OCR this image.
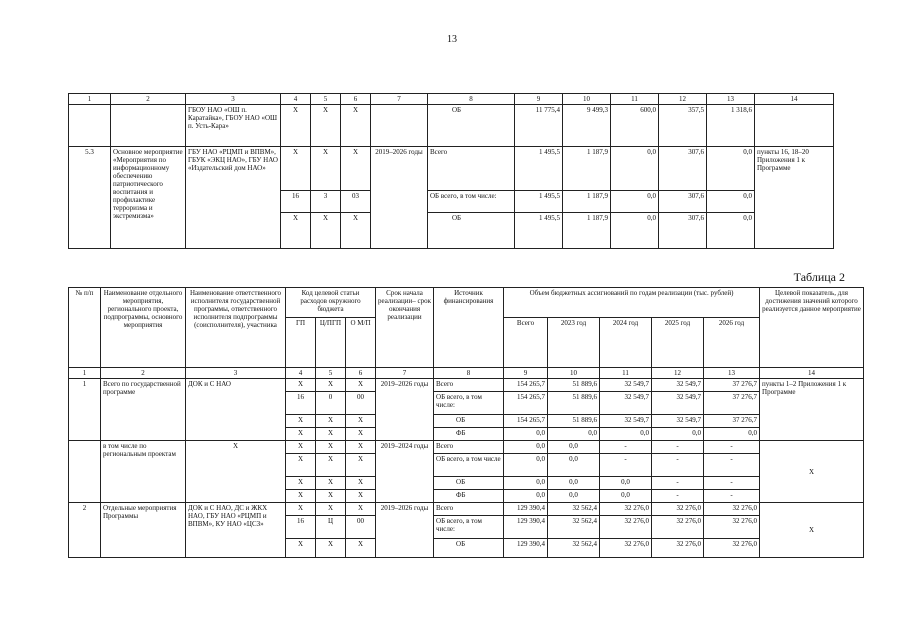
13
1	2	3	4	5	6	7	8	9	10	11	12	13	14
		ГБОУ НАО «ОШ п. Каратайка», ГБОУ НАО «ОШ п. Усть-Кара»	X	X	X		ОБ	11 775,4	9 499,3	600,0	357,5	1 318,6	
5.3	Основное мероприятие «Мероприятия по информационному обеспечению патриотического воспитания и профилактике терроризма и экстремизма»	ГБУ НАО «РЦМП и ВПВМ», ГБУК «ЭКЦ НАО», ГБУ НАО «Издательский дом НАО»	X	X	X	2019–2026 годы	Всего	1 495,5	1 187,9	0,0	307,6	0,0	пункты 16, 18–20 Приложения 1 к Программе
			16	3	03		ОБ всего, в том числе:	1 495,5	1 187,9	0,0	307,6	0,0	
			X	X	X		ОБ	1 495,5	1 187,9	0,0	307,6	0,0	
Таблица 2
№ п/п	Наименование отдельного мероприятия, регионального проекта, подпрограммы, основного мероприятия	Наименование ответственного исполнителя государственной программы, ответственного исполнителя подпрограммы (соисполнителя), участника	Код целевой статьи расходов окружного бюджета			Срок начала реализации– срок окончания реализации	Источник финансирования	Объем бюджетных ассигнований по годам реализации (тыс. рублей)					Целевой показатель, для достижения значений которого реализуется данное мероприятие
			ГП	Ц/ПГП	О М/П			Всего	2023 год	2024 год	2025 год	2026 год	
1	2	3	4	5	6	7	8	9	10	11	12	13	14
1	Всего по государственной программе	ДОК и С НАО	X	X	X	2019–2026 годы	Всего	154 265,7	51 889,6	32 549,7	32 549,7	37 276,7	пункты 1–2 Приложения 1 к Программе
			16	0	00		ОБ всего, в том числе:	154 265,7	51 889,6	32 549,7	32 549,7	37 276,7	
			X	X	X		ОБ	154 265,7	51 889,6	32 549,7	32 549,7	37 276,7	
			X	X	X		ФБ	0,0	0,0	0,0	0,0	0,0	
	в том числе по региональным проектам	X	X	X	X	2019–2024 годы	Всего	0,0	0,0	-	-	-	X
			X	X	X		ОБ всего, в том числе	0,0	0,0	-	-	-	
			X	X	X		ОБ	0,0	0,0	0,0	-	-	
			X	X	X		ФБ	0,0	0,0	0,0	-	-	
2	Отдельные мероприятия Программы	ДОК и С НАО, ДС и ЖКХ НАО, ГБУ НАО «РЦМП и ВПВМ», КУ НАО «ЦСЗ»	X	X	X	2019–2026 годы	Всего	129 390,4	32 562,4	32 276,0	32 276,0	32 276,0	X
			16	Ц	00		ОБ всего, в том числе:	129 390,4	32 562,4	32 276,0	32 276,0	32 276,0	
			X	X	X		ОБ	129 390,4	32 562,4	32 276,0	32 276,0	32 276,0	
